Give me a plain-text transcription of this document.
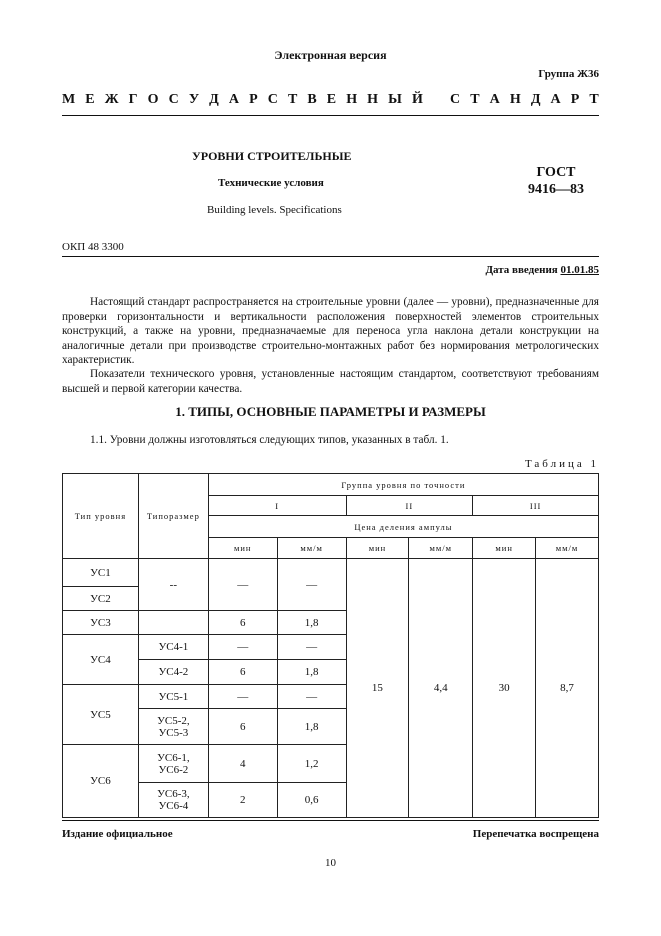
Электронная версия
Группа Ж36
М Е Ж Г О С У Д А Р С Т В Е Н Н Ы Й
С Т А Н Д А Р Т
УРОВНИ СТРОИТЕЛЬНЫЕ
Технические условия
Building levels. Specifications
ГОСТ
9416—83
ОКП 48 3300
Дата введения 01.01.85
Настоящий стандарт распространяется на строительные уровни (далее — уровни), предназначенные для проверки горизонтальности и вертикальности расположения поверхностей элементов строительных конструкций, а также на уровни, предназначаемые для переноса угла наклона детали конструкции на аналогичные детали при производстве строительно-монтажных работ без нормирования метрологических характеристик.
Показатели технического уровня, установленные настоящим стандартом, соответствуют требованиям высшей и первой категории качества.
1. ТИПЫ, ОСНОВНЫЕ ПАРАМЕТРЫ И РАЗМЕРЫ
1.1. Уровни должны изготовляться следующих типов, указанных в табл. 1.
Таблица 1
Тип уровня	Типоразмер	Группа уровня по точности					
		I		II		III	
		Цена деления ампулы					
		мин	мм/м	мин	мм/м	мин	мм/м
УС1	--	—	—	15	4,4	30	8,7
УС2							
УС3		6	1,8				
УС4	УС4-1	—	—				
	УС4-2	6	1,8				
УС5	УС5-1	—	—				
	УС5-2,
УС5-3	6	1,8				
УС6	УС6-1,
УС6-2	4	1,2				
	УС6-3,
УС6-4	2	0,6				
Издание официальное	Перепечатка воспрещена
10
